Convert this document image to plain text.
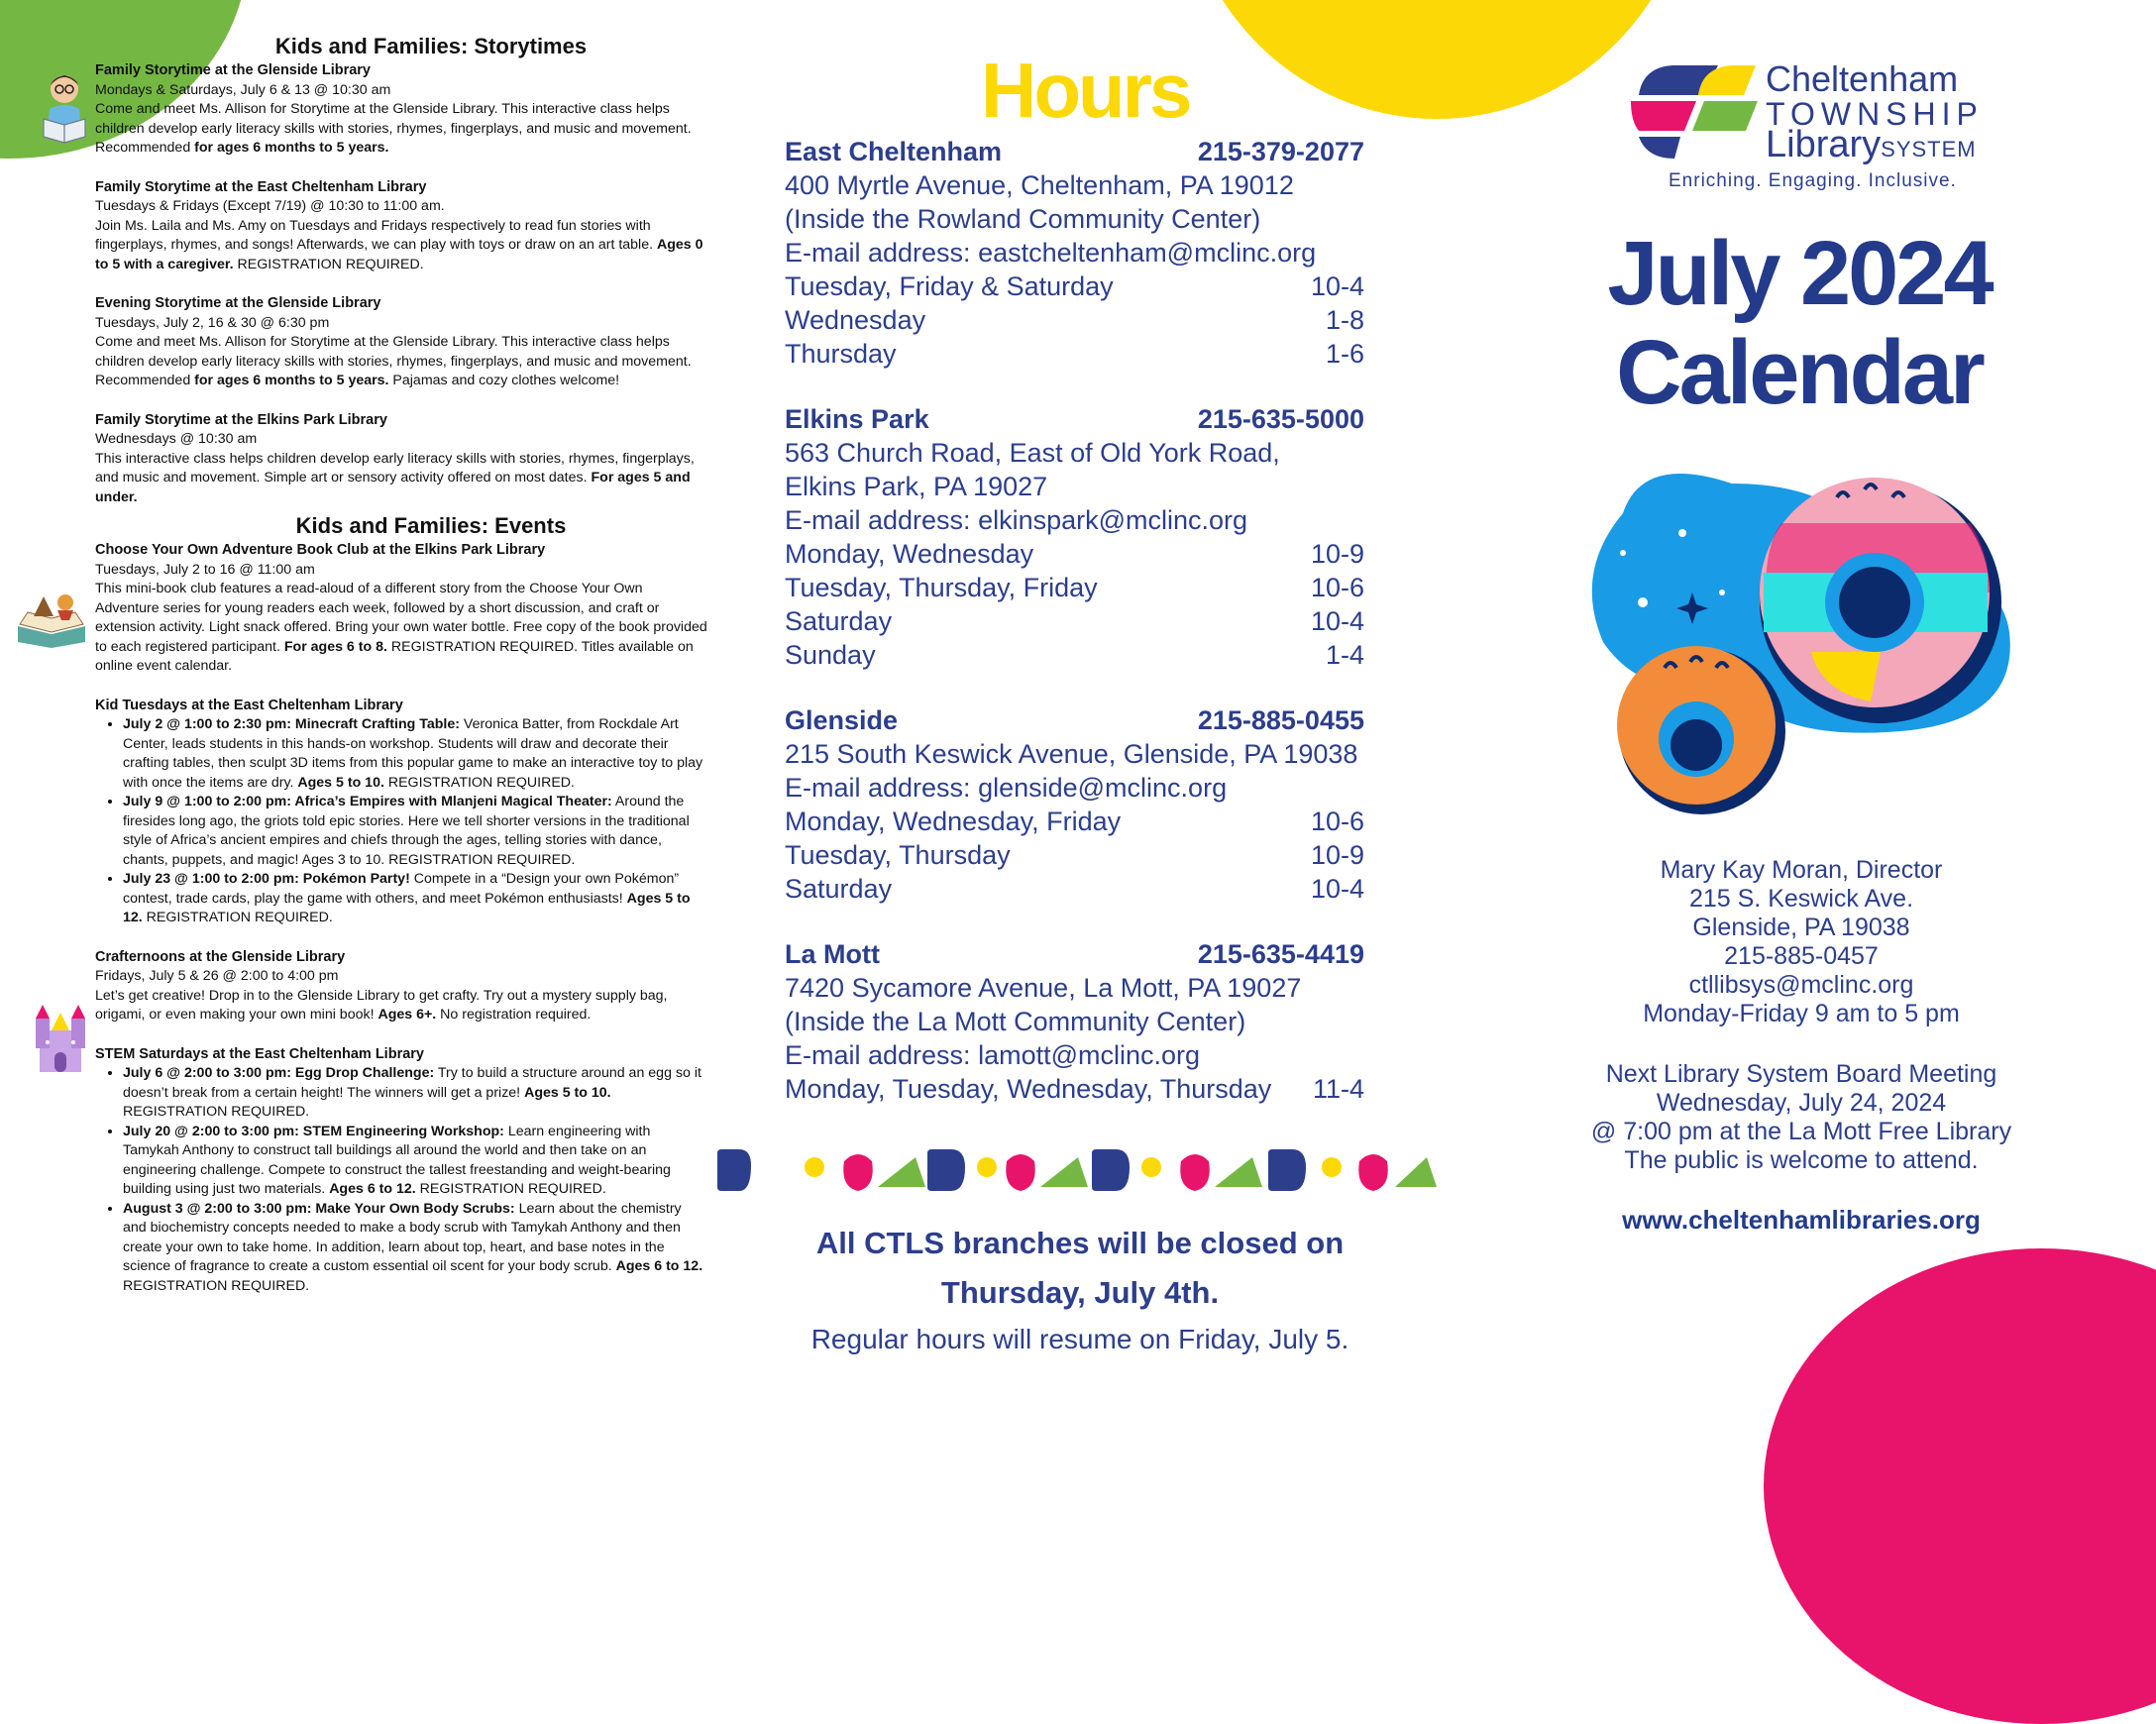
Kids and Families: Storytimes

Family Storytime at the Glenside Library

Mondays & Saturdays, July 6 & 13 @ 10:30 am

Come and meet Ms. Allison for Storytime at the Glenside Library. This interactive class helps children develop early literacy skills with stories, rhymes, fingerplays, and music and movement. Recommended for ages 6 months to 5 years.

Family Storytime at the East Cheltenham Library

Tuesdays & Fridays (Except 7/19) @ 10:30 to 11:00 am.

Join Ms. Laila and Ms. Amy on Tuesdays and Fridays respectively to read fun stories with fingerplays, rhymes, and songs! Afterwards, we can play with toys or draw on an art table. Ages 0 to 5 with a caregiver. REGISTRATION REQUIRED.

Evening Storytime at the Glenside Library

Tuesdays, July 2, 16 & 30 @ 6:30 pm

Come and meet Ms. Allison for Storytime at the Glenside Library. This interactive class helps children develop early literacy skills with stories, rhymes, fingerplays, and music and movement. Recommended for ages 6 months to 5 years. Pajamas and cozy clothes welcome!

Family Storytime at the Elkins Park Library

Wednesdays @ 10:30 am

This interactive class helps children develop early literacy skills with stories, rhymes, fingerplays, and music and movement. Simple art or sensory activity offered on most dates. For ages 5 and under.

Kids and Families: Events

Choose Your Own Adventure Book Club at the Elkins Park Library

Tuesdays, July 2 to 16 @ 11:00 am

This mini-book club features a read-aloud of a different story from the Choose Your Own Adventure series for young readers each week, followed by a short discussion, and craft or extension activity. Light snack offered. Bring your own water bottle. Free copy of the book provided to each registered participant. For ages 6 to 8. REGISTRATION REQUIRED. Titles available on online event calendar.

Kid Tuesdays at the East Cheltenham Library

• July 2 @ 1:00 to 2:30 pm: Minecraft Crafting Table: Veronica Batter, from Rockdale Art Center, leads students in this hands-on workshop. Students will draw and decorate their crafting tables, then sculpt 3D items from this popular game to make an interactive toy to play with once the items are dry. Ages 5 to 10. REGISTRATION REQUIRED.
• July 9 @ 1:00 to 2:00 pm: Africa’s Empires with Mlanjeni Magical Theater: Around the firesides long ago, the griots told epic stories. Here we tell shorter versions in the traditional style of Africa’s ancient empires and chiefs through the ages, telling stories with dance, chants, puppets, and magic! Ages 3 to 10. REGISTRATION REQUIRED.
• July 23 @ 1:00 to 2:00 pm: Pokémon Party! Compete in a “Design your own Pokémon” contest, trade cards, play the game with others, and meet Pokémon enthusiasts! Ages 5 to 12. REGISTRATION REQUIRED.

Crafternoons at the Glenside Library

Fridays, July 5 & 26 @ 2:00 to 4:00 pm

Let’s get creative! Drop in to the Glenside Library to get crafty. Try out a mystery supply bag, origami, or even making your own mini book! Ages 6+. No registration required.

STEM Saturdays at the East Cheltenham Library

• July 6 @ 2:00 to 3:00 pm: Egg Drop Challenge: Try to build a structure around an egg so it doesn’t break from a certain height! The winners will get a prize! Ages 5 to 10. REGISTRATION REQUIRED.
• July 20 @ 2:00 to 3:00 pm: STEM Engineering Workshop: Learn engineering with Tamykah Anthony to construct tall buildings all around the world and then take on an engineering challenge. Compete to construct the tallest freestanding and weight-bearing building using just two materials. Ages 6 to 12. REGISTRATION REQUIRED.
• August 3 @ 2:00 to 3:00 pm: Make Your Own Body Scrubs: Learn about the chemistry and biochemistry concepts needed to make a body scrub with Tamykah Anthony and then create your own to take home. In addition, learn about top, heart, and base notes in the science of fragrance to create a custom essential oil scent for your body scrub. Ages 6 to 12. REGISTRATION REQUIRED.
Hours
East Cheltenham	215-379-2077
400 Myrtle Avenue, Cheltenham, PA 19012
(Inside the Rowland Community Center)
E-mail address: eastcheltenham@mclinc.org
Tuesday, Friday & Saturday	10-4
Wednesday	1-8
Thursday	1-6
Elkins Park	215-635-5000
563 Church Road, East of Old York Road,
Elkins Park, PA 19027
E-mail address: elkinspark@mclinc.org
Monday, Wednesday	10-9
Tuesday, Thursday, Friday	10-6
Saturday	10-4
Sunday	1-4
Glenside	215-885-0455
215 South Keswick Avenue, Glenside, PA 19038
E-mail address: glenside@mclinc.org
Monday, Wednesday, Friday	10-6
Tuesday, Thursday	10-9
Saturday	10-4
La Mott	215-635-4419
7420 Sycamore Avenue, La Mott, PA 19027
(Inside the La Mott Community Center)
E-mail address: lamott@mclinc.org
Monday, Tuesday, Wednesday, Thursday 11-4
All CTLS branches will be closed on
Thursday, July 4th.
Regular hours will resume on Friday, July 5.
Cheltenham
TOWNSHIP
LibrarySYSTEM
Enriching. Engaging. Inclusive.
July 2024
Calendar
Mary Kay Moran, Director
215 S. Keswick Ave.
Glenside, PA 19038
215-885-0457
ctllibsys@mclinc.org
Monday-Friday 9 am to 5 pm
Next Library System Board Meeting
Wednesday, July 24, 2024
@ 7:00 pm at the La Mott Free Library
The public is welcome to attend.
www.cheltenhamlibraries.org
